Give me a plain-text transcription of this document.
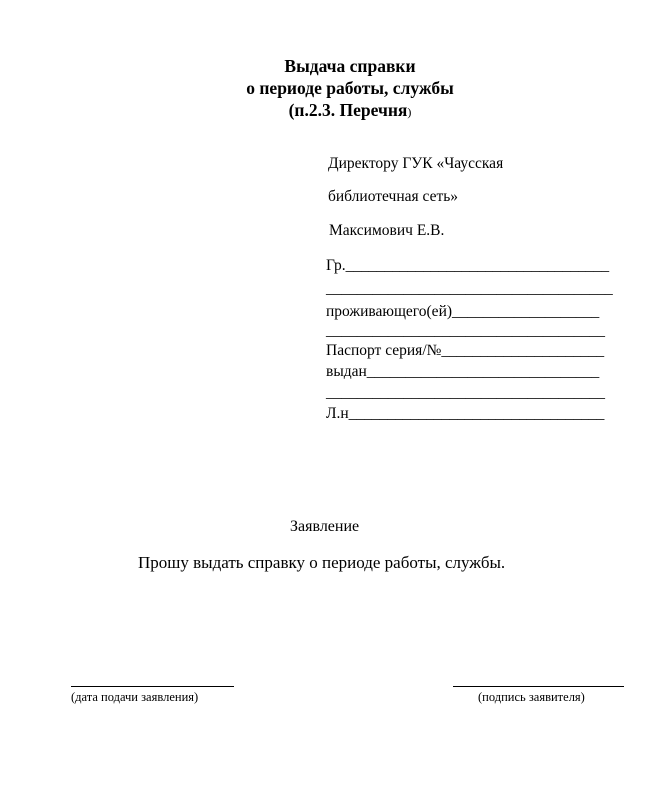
Выдача справки
о периоде работы, службы
(п.2.3. Перечня)
Директору ГУК «Чаусская
библиотечная сеть»
Максимович Е.В.
Гр.__________________________________
_____________________________________
проживающего(ей)___________________
____________________________________
Паспорт серия/№_____________________
выдан______________________________
____________________________________
Л.н_________________________________
Заявление
Прошу выдать справку о периоде работы, службы.
(дата подачи заявления)	(подпись заявителя)
